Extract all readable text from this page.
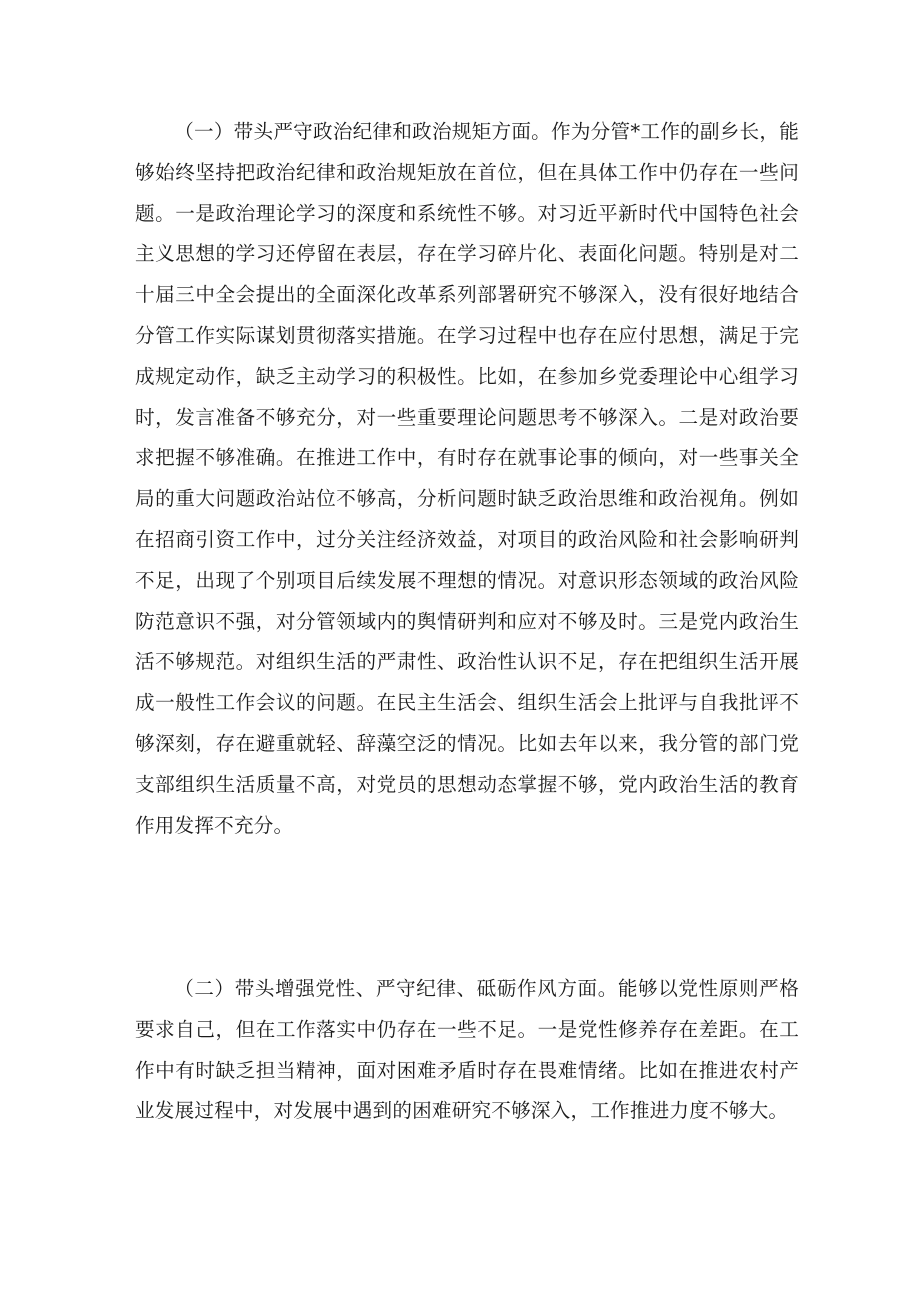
（一）带头严守政治纪律和政治规矩方面。作为分管*工作的副乡长，能够始终坚持把政治纪律和政治规矩放在首位，但在具体工作中仍存在一些问题。一是政治理论学习的深度和系统性不够。对习近平新时代中国特色社会主义思想的学习还停留在表层，存在学习碎片化、表面化问题。特别是对二十届三中全会提出的全面深化改革系列部署研究不够深入，没有很好地结合分管工作实际谋划贯彻落实措施。在学习过程中也存在应付思想，满足于完成规定动作，缺乏主动学习的积极性。比如，在参加乡党委理论中心组学习时，发言准备不够充分，对一些重要理论问题思考不够深入。二是对政治要求把握不够准确。在推进工作中，有时存在就事论事的倾向，对一些事关全局的重大问题政治站位不够高，分析问题时缺乏政治思维和政治视角。例如在招商引资工作中，过分关注经济效益，对项目的政治风险和社会影响研判不足，出现了个别项目后续发展不理想的情况。对意识形态领域的政治风险防范意识不强，对分管领域内的舆情研判和应对不够及时。三是党内政治生活不够规范。对组织生活的严肃性、政治性认识不足，存在把组织生活开展成一般性工作会议的问题。在民主生活会、组织生活会上批评与自我批评不够深刻，存在避重就轻、辞藻空泛的情况。比如去年以来，我分管的部门党支部组织生活质量不高，对党员的思想动态掌握不够，党内政治生活的教育作用发挥不充分。

（二）带头增强党性、严守纪律、砥砺作风方面。能够以党性原则严格要求自己，但在工作落实中仍存在一些不足。一是党性修养存在差距。在工作中有时缺乏担当精神，面对困难矛盾时存在畏难情绪。比如在推进农村产业发展过程中，对发展中遇到的困难研究不够深入，工作推进力度不够大。
